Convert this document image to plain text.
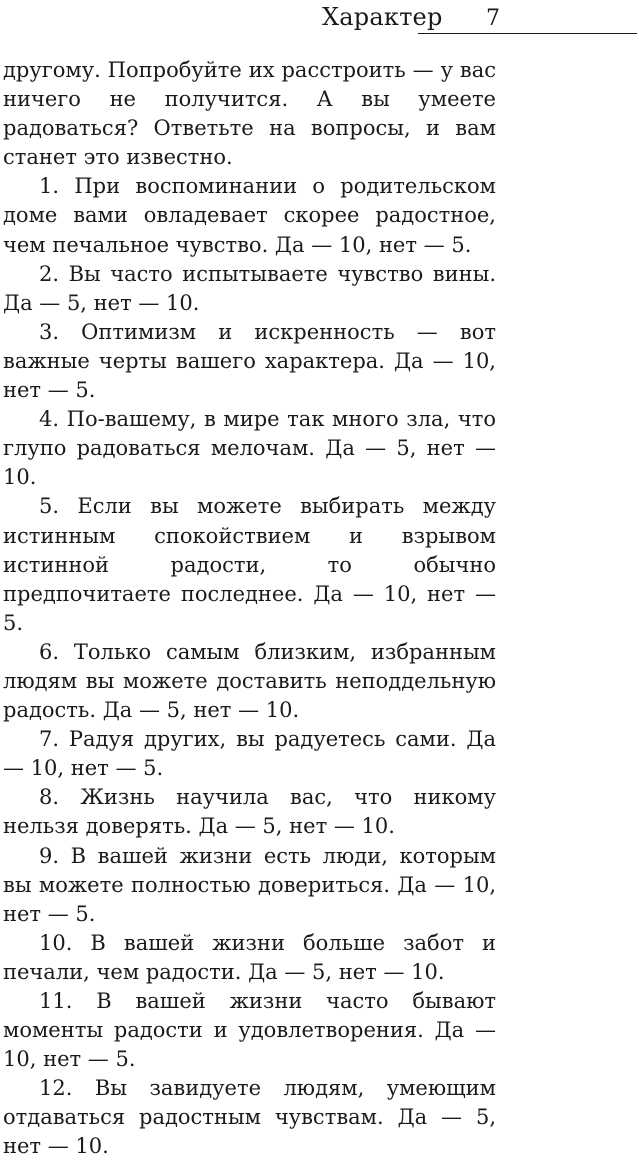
Характер 7

другому. Попробуйте их расстроить — у вас ничего не получится. А вы умеете радоваться? Ответьте на вопросы, и вам станет это известно.

1. При воспоминании о родительском доме вами овладевает скорее радостное, чем печальное чувство. Да — 10, нет — 5.

2. Вы часто испытываете чувство вины. Да — 5, нет — 10.

3. Оптимизм и искренность — вот важные черты вашего характера. Да — 10, нет — 5.

4. По-вашему, в мире так много зла, что глупо радоваться мелочам. Да — 5, нет — 10.

5. Если вы можете выбирать между истинным спокойствием и взрывом истинной радости, то обычно предпочитаете последнее. Да — 10, нет — 5.

6. Только самым близким, избранным людям вы можете доставить неподдельную радость. Да — 5, нет — 10.

7. Радуя других, вы радуетесь сами. Да — 10, нет — 5.

8. Жизнь научила вас, что никому нельзя доверять. Да — 5, нет — 10.

9. В вашей жизни есть люди, которым вы можете полностью довериться. Да — 10, нет — 5.

10. В вашей жизни больше забот и печали, чем радости. Да — 5, нет — 10.

11. В вашей жизни часто бывают моменты радости и удовлетворения. Да — 10, нет — 5.

12. Вы завидуете людям, умеющим отдаваться радостным чувствам. Да — 5, нет — 10.
